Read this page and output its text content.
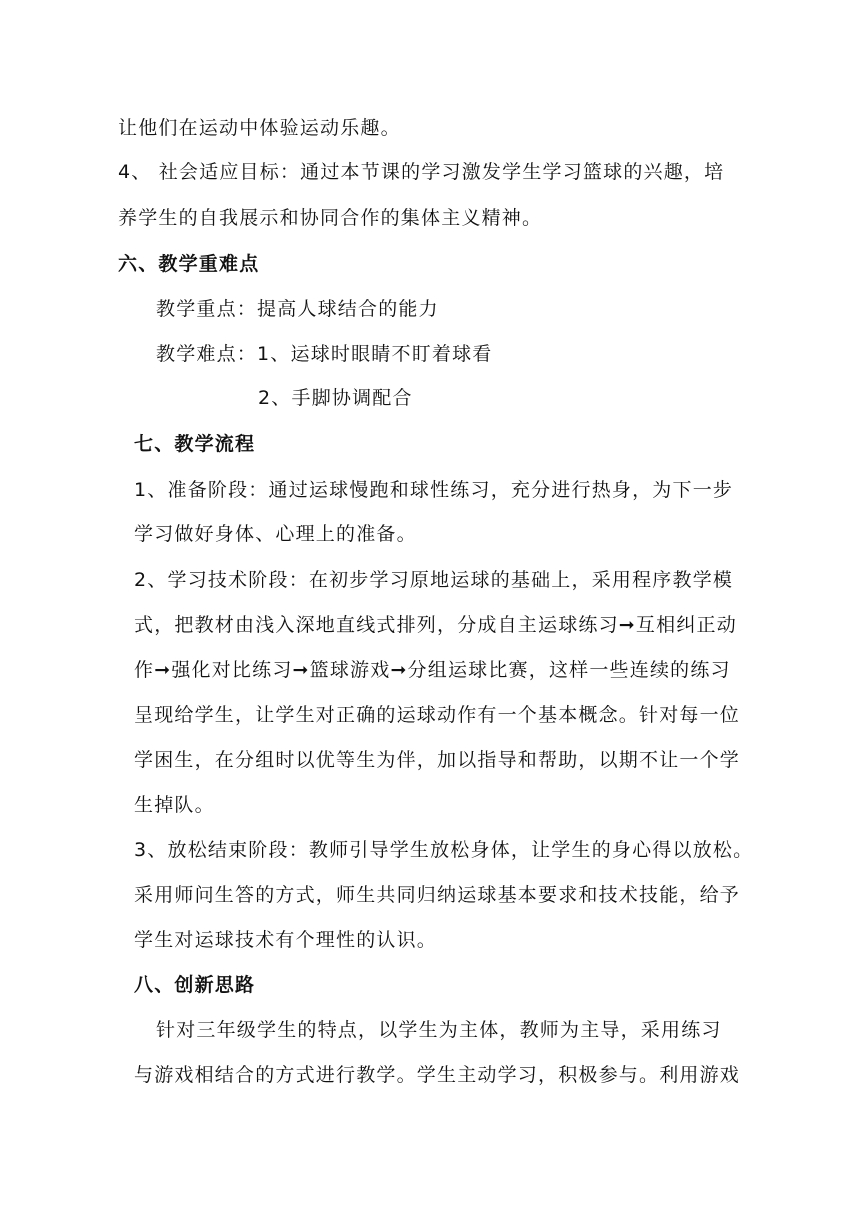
让他们在运动中体验运动乐趣。
4、 社会适应目标：通过本节课的学习激发学生学习篮球的兴趣，培
养学生的自我展示和协同合作的集体主义精神。
六、教学重难点
教学重点：提高人球结合的能力
教学难点：1、运球时眼睛不盯着球看
2、手脚协调配合
七、教学流程
1、准备阶段：通过运球慢跑和球性练习，充分进行热身，为下一步
学习做好身体、心理上的准备。
2、学习技术阶段：在初步学习原地运球的基础上，采用程序教学模
式，把教材由浅入深地直线式排列，分成自主运球练习➞互相纠正动
作➞强化对比练习➞篮球游戏➞分组运球比赛，这样一些连续的练习
呈现给学生，让学生对正确的运球动作有一个基本概念。针对每一位
学困生，在分组时以优等生为伴，加以指导和帮助，以期不让一个学
生掉队。
3、放松结束阶段：教师引导学生放松身体，让学生的身心得以放松。
采用师问生答的方式，师生共同归纳运球基本要求和技术技能，给予
学生对运球技术有个理性的认识。
八、创新思路
针对三年级学生的特点，以学生为主体，教师为主导，采用练习
与游戏相结合的方式进行教学。学生主动学习，积极参与。利用游戏
